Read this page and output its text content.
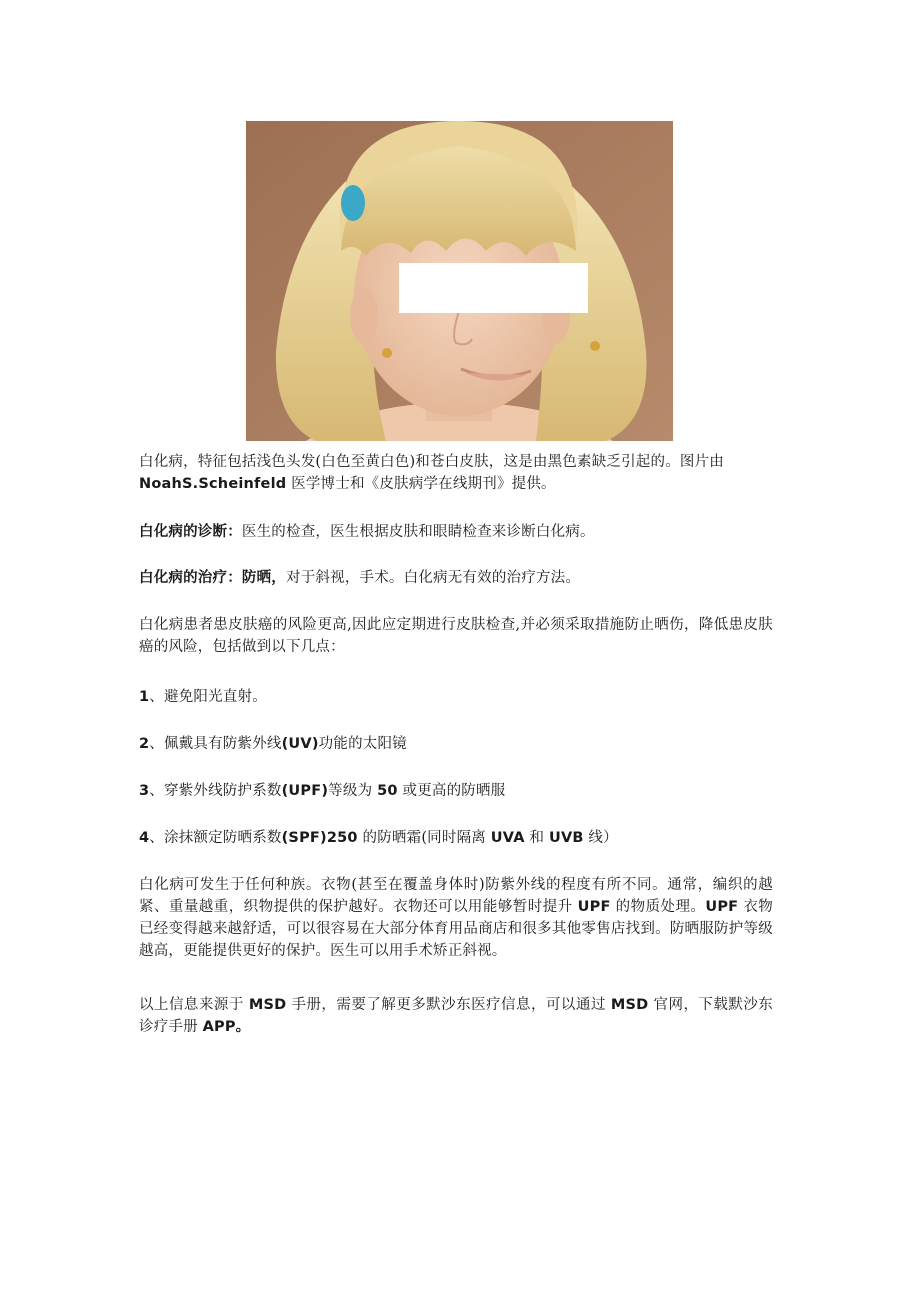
白化病，特征包括浅色头发(白色至黄白色)和苍白皮肤，这是由黑色素缺乏引起的。图片由NoahS.Scheinfeld 医学博士和《皮肤病学在线期刊》提供。
白化病的诊断：医生的检查，医生根据皮肤和眼睛检查来诊断白化病。
白化病的治疗：防晒，对于斜视，手术。白化病无有效的治疗方法。
白化病患者患皮肤癌的风险更高,因此应定期进行皮肤检查,并必须采取措施防止晒伤，降低患皮肤癌的风险，包括做到以下几点：
1、避免阳光直射。
2、佩戴具有防紫外线(UV)功能的太阳镜
3、穿紫外线防护系数(UPF)等级为 50 或更高的防晒服
4、涂抹额定防晒系数(SPF)250 的防晒霜(同时隔离 UVA 和 UVB 线）
白化病可发生于任何种族。衣物(甚至在覆盖身体时)防紫外线的程度有所不同。通常，编织的越紧、重量越重，织物提供的保护越好。衣物还可以用能够暂时提升 UPF 的物质处理。UPF 衣物已经变得越来越舒适，可以很容易在大部分体育用品商店和很多其他零售店找到。防晒服防护等级越高，更能提供更好的保护。医生可以用手术矫正斜视。
以上信息来源于 MSD 手册，需要了解更多默沙东医疗信息，可以通过 MSD 官网，下载默沙东诊疗手册 APP。
